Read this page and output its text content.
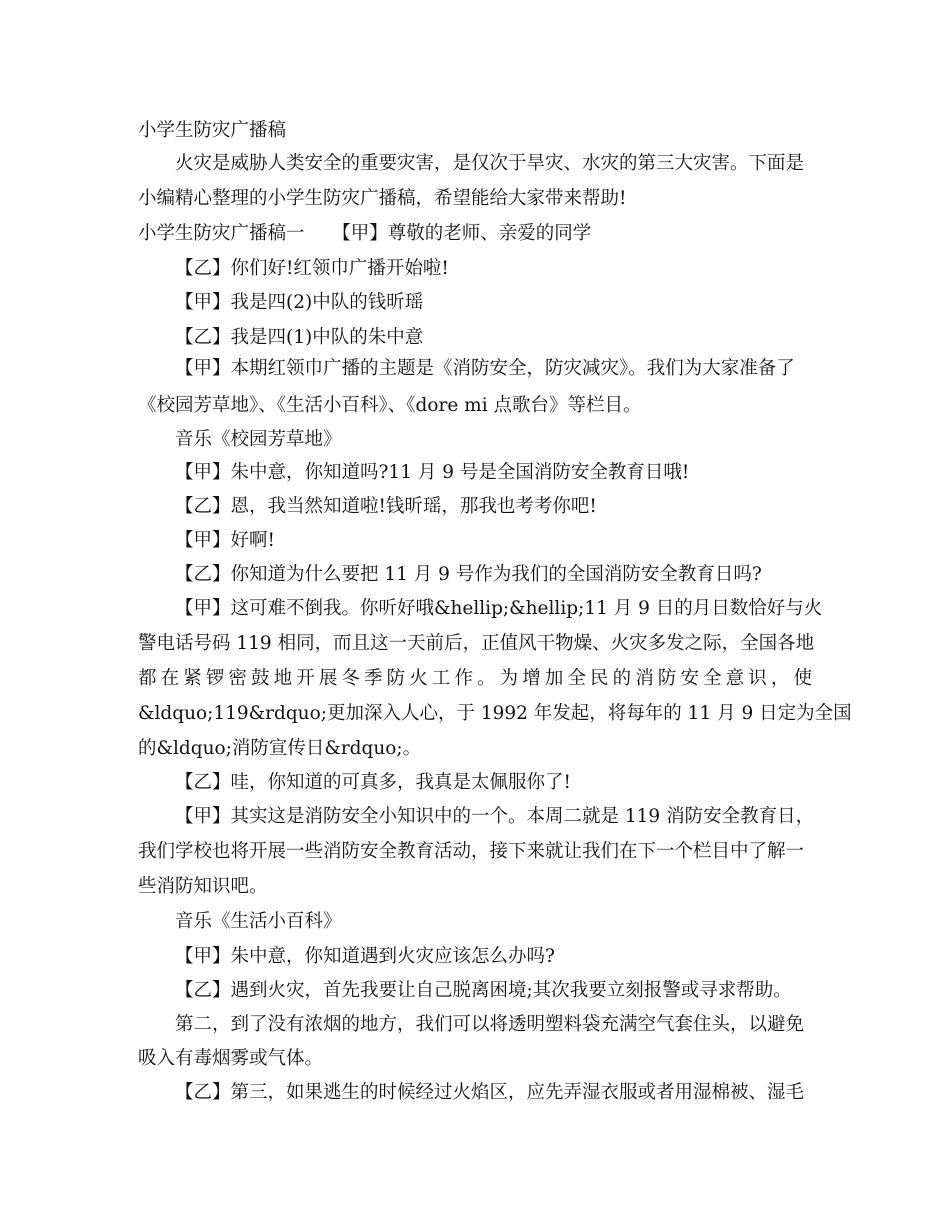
小学生防灾广播稿
火灾是威胁人类安全的重要灾害，是仅次于旱灾、水灾的第三大灾害。下面是
小编精心整理的小学生防灾广播稿，希望能给大家带来帮助!
小学生防灾广播稿一　　【甲】尊敬的老师、亲爱的同学
【乙】你们好!红领巾广播开始啦!
【甲】我是四(2)中队的钱昕瑶
【乙】我是四(1)中队的朱中意
【甲】本期红领巾广播的主题是《消防安全，防灾减灾》。我们为大家准备了
《校园芳草地》、《生活小百科》、《dore mi 点歌台》等栏目。
音乐《校园芳草地》
【甲】朱中意，你知道吗?11 月 9 号是全国消防安全教育日哦!
【乙】恩，我当然知道啦!钱昕瑶，那我也考考你吧!
【甲】好啊!
【乙】你知道为什么要把 11 月 9 号作为我们的全国消防安全教育日吗?
【甲】这可难不倒我。你听好哦&hellip;&hellip;11 月 9 日的月日数恰好与火
警电话号码 119 相同，而且这一天前后，正值风干物燥、火灾多发之际，全国各地
都在紧锣密鼓地开展冬季防火工作。为增加全民的消防安全意识，使
&ldquo;119&rdquo;更加深入人心，于 1992 年发起，将每年的 11 月 9 日定为全国
的&ldquo;消防宣传日&rdquo;。
【乙】哇，你知道的可真多，我真是太佩服你了!
【甲】其实这是消防安全小知识中的一个。本周二就是 119 消防安全教育日，
我们学校也将开展一些消防安全教育活动，接下来就让我们在下一个栏目中了解一
些消防知识吧。
音乐《生活小百科》
【甲】朱中意，你知道遇到火灾应该怎么办吗?
【乙】遇到火灾，首先我要让自己脱离困境;其次我要立刻报警或寻求帮助。
第二，到了没有浓烟的地方，我们可以将透明塑料袋充满空气套住头，以避免
吸入有毒烟雾或气体。
【乙】第三，如果逃生的时候经过火焰区，应先弄湿衣服或者用湿棉被、湿毛
